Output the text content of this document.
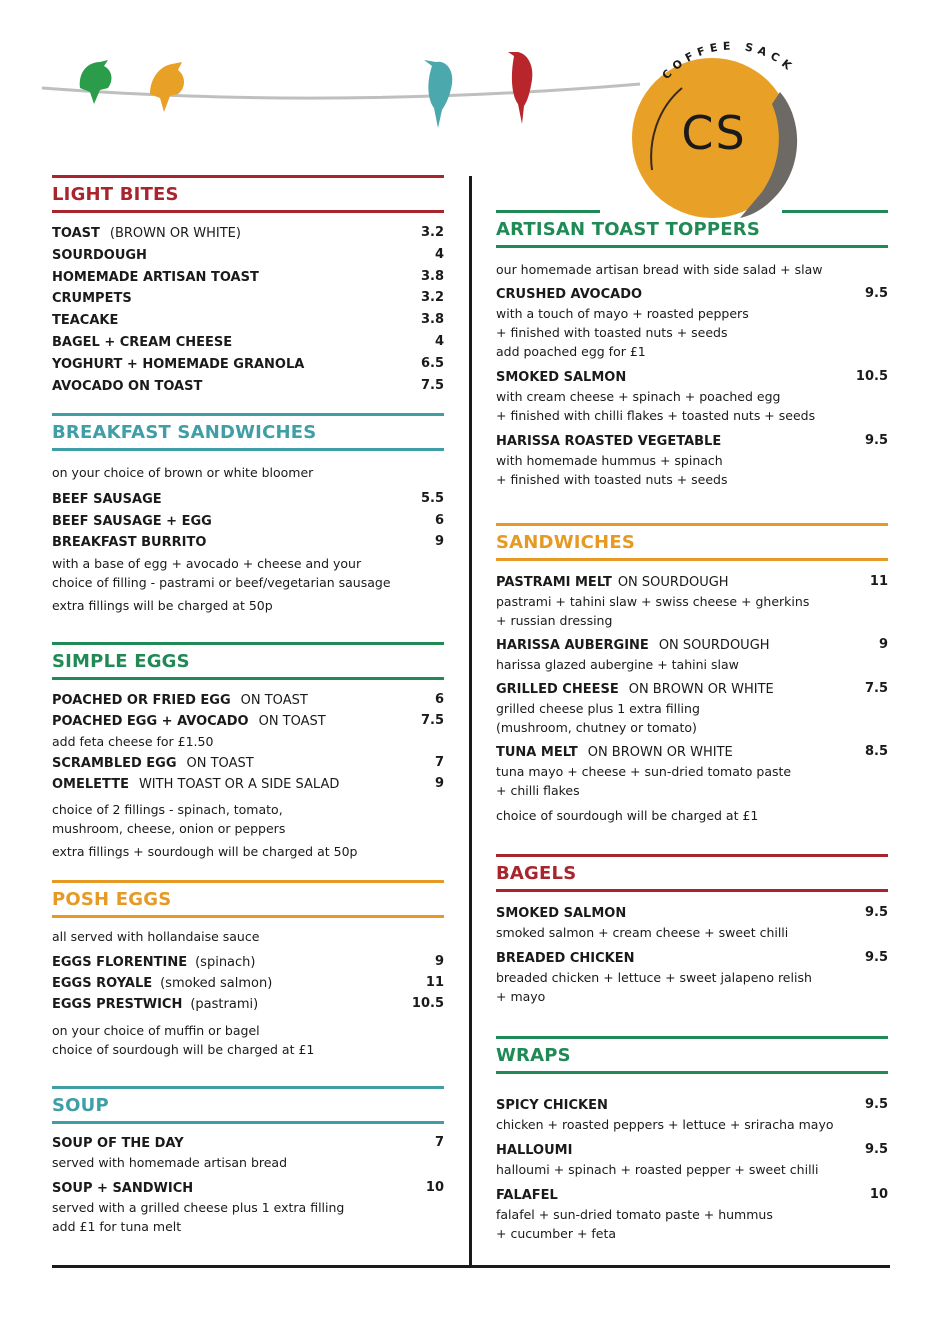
COFFEE SACK
CS
LIGHT BITES
TOAST (BROWN OR WHITE)	3.2
SOURDOUGH	4
HOMEMADE ARTISAN TOAST	3.8
CRUMPETS	3.2
TEACAKE	3.8
BAGEL + CREAM CHEESE	4
YOGHURT + HOMEMADE GRANOLA	6.5
AVOCADO ON TOAST	7.5
BREAKFAST SANDWICHES
on your choice of brown or white bloomer
BEEF SAUSAGE	5.5
BEEF SAUSAGE + EGG	6
BREAKFAST BURRITO	9
with a base of egg + avocado + cheese and your
choice of filling - pastrami or beef/vegetarian sausage
extra fillings will be charged at 50p
SIMPLE EGGS
POACHED OR FRIED EGG ON TOAST	6
POACHED EGG + AVOCADO ON TOAST	7.5
add feta cheese for £1.50
SCRAMBLED EGG ON TOAST	7
OMELETTE WITH TOAST OR A SIDE SALAD	9
choice of 2 fillings - spinach, tomato,
mushroom, cheese, onion or peppers
extra fillings + sourdough will be charged at 50p
POSH EGGS
all served with hollandaise sauce
EGGS FLORENTINE (spinach)	9
EGGS ROYALE (smoked salmon)	11
EGGS PRESTWICH (pastrami)	10.5
on your choice of muffin or bagel
choice of sourdough will be charged at £1
SOUP
SOUP OF THE DAY	7
served with homemade artisan bread
SOUP + SANDWICH	10
served with a grilled cheese plus 1 extra filling
add £1 for tuna melt
ARTISAN TOAST TOPPERS
our homemade artisan bread with side salad + slaw
CRUSHED AVOCADO	9.5
with a touch of mayo + roasted peppers
+ finished with toasted nuts + seeds
add poached egg for £1
SMOKED SALMON	10.5
with cream cheese + spinach + poached egg
+ finished with chilli flakes + toasted nuts + seeds
HARISSA ROASTED VEGETABLE	9.5
with homemade hummus + spinach
+ finished with toasted nuts + seeds
SANDWICHES
PASTRAMI MELT ON SOURDOUGH	11
pastrami + tahini slaw + swiss cheese + gherkins
+ russian dressing
HARISSA AUBERGINE ON SOURDOUGH	9
harissa glazed aubergine + tahini slaw
GRILLED CHEESE ON BROWN OR WHITE	7.5
grilled cheese plus 1 extra filling
(mushroom, chutney or tomato)
TUNA MELT ON BROWN OR WHITE	8.5
tuna mayo + cheese + sun-dried tomato paste
+ chilli flakes
choice of sourdough will be charged at £1
BAGELS
SMOKED SALMON	9.5
smoked salmon + cream cheese + sweet chilli
BREADED CHICKEN	9.5
breaded chicken + lettuce + sweet jalapeno relish
+ mayo
WRAPS
SPICY CHICKEN	9.5
chicken + roasted peppers + lettuce + sriracha mayo
HALLOUMI	9.5
halloumi + spinach + roasted pepper + sweet chilli
FALAFEL	10
falafel + sun-dried tomato paste + hummus
+ cucumber + feta
